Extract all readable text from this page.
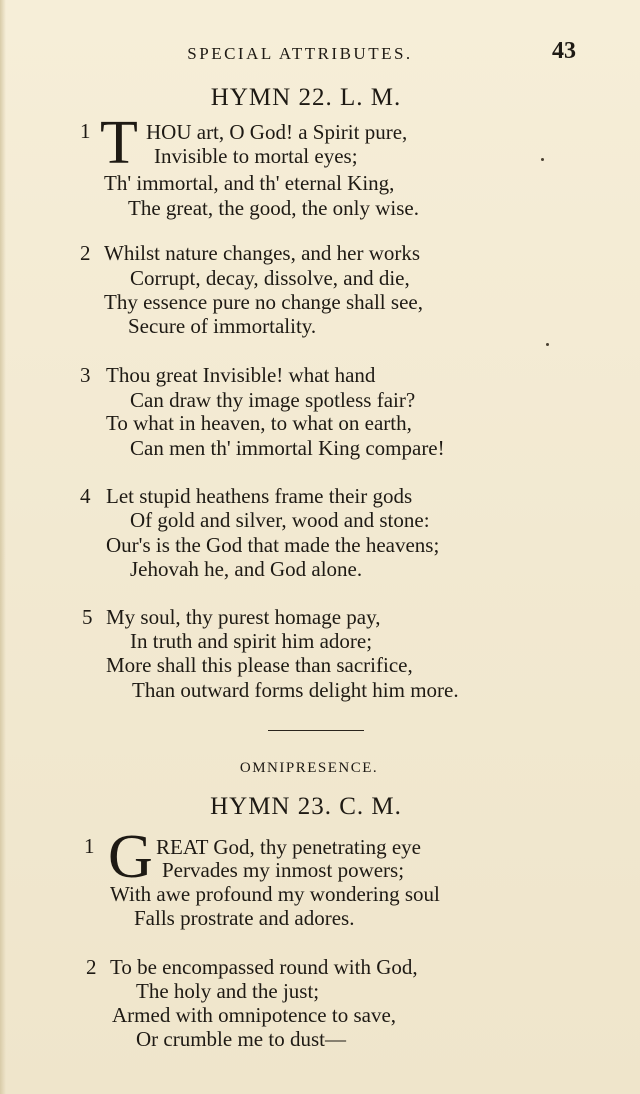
SPECIAL ATTRIBUTES.	43
HYMN 22. L. M.
1 T HOU art, O God! a Spirit pure,
Invisible to mortal eyes;
Th' immortal, and th' eternal King,
The great, the good, the only wise.
2 Whilst nature changes, and her works
Corrupt, decay, dissolve, and die,
Thy essence pure no change shall see,
Secure of immortality.
3 Thou great Invisible! what hand
Can draw thy image spotless fair?
To what in heaven, to what on earth,
Can men th' immortal King compare!
4 Let stupid heathens frame their gods
Of gold and silver, wood and stone:
Our's is the God that made the heavens;
Jehovah he, and God alone.
5 My soul, thy purest homage pay,
In truth and spirit him adore;
More shall this please than sacrifice,
Than outward forms delight him more.
OMNIPRESENCE.
HYMN 23. C. M.
1 G REAT God, thy penetrating eye
Pervades my inmost powers;
With awe profound my wondering soul
Falls prostrate and adores.
2 To be encompassed round with God,
The holy and the just;
Armed with omnipotence to save,
Or crumble me to dust—
